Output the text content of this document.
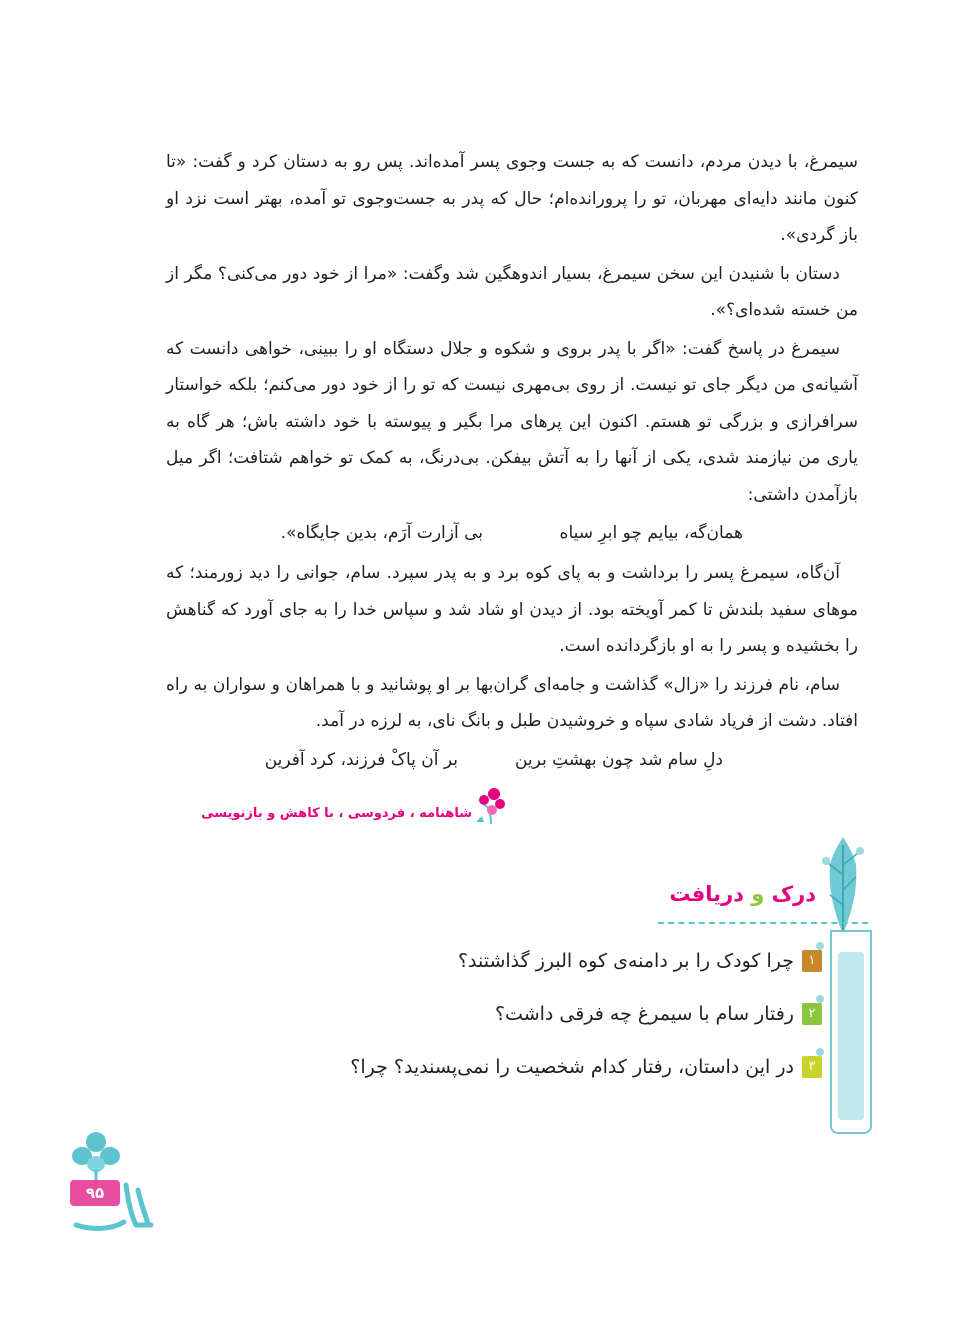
سیمرغ، با دیدن مردم، دانست که به جست وجوی پسر آمده‌اند. پس رو به دستان کرد و گفت: «تا کنون مانند دایه‌ای مهربان، تو را پرورانده‌ام؛ حال که پدر به جست‌وجوی تو آمده، بهتر است نزد او باز گردی».

دستان با شنیدن این سخن سیمرغ، بسیار اندوهگین شد وگفت: «مرا از خود دور می‌کنی؟ مگر از من خسته شده‌ای؟».

سیمرغ در پاسخ گفت: «اگر با پدر بروی و شکوه و جلال دستگاه او را ببینی، خواهی دانست که آشیانه‌ی من دیگر جای تو نیست. از روی بی‌مهری نیست که تو را از خود دور می‌کنم؛ بلکه خواستار سرافرازی و بزرگی تو هستم. اکنون این پرهای مرا بگیر و پیوسته با خود داشته باش؛ هر گاه به یاری من نیازمند شدی، یکی از آنها را به آتش بیفکن. بی‌درنگ، به کمک تو خواهم شتافت؛ اگر میل بازآمدن داشتی:

همان‌گه، بیایم چو ابرِ سیاه
بی آزارت آرَم، بدین جایگاه».

آن‌گاه، سیمرغ پسر را برداشت و به پای کوه برد و به پدر سپرد. سام، جوانی را دید زورمند؛ که موهای سفید بلندش تا کمر آویخته بود. از دیدن او شاد شد و سپاس خدا را به جای آورد که گناهش را بخشیده و پسر را به او بازگردانده است.

سام، نام فرزند را «زال» گذاشت و جامه‌ای گران‌بها بر او پوشانید و با همراهان و سواران به راه افتاد. دشت از فریاد شادی سپاه و خروشیدن طبل و بانگ نای، به لرزه در آمد.

دلِ سام شد چون بهشتِ برین
بر آن پاکْ فرزند، کرد آفرین
شاهنامه ، فردوسی ، با کاهش و بازنویسی
درک و دریافت
۱
چرا کودک را بر دامنه‌ی کوه البرز گذاشتند؟
۲
رفتار سام با سیمرغ چه فرقی داشت؟
۳
در این داستان، رفتار کدام شخصیت را نمی‌پسندید؟ چرا؟
۹۵
